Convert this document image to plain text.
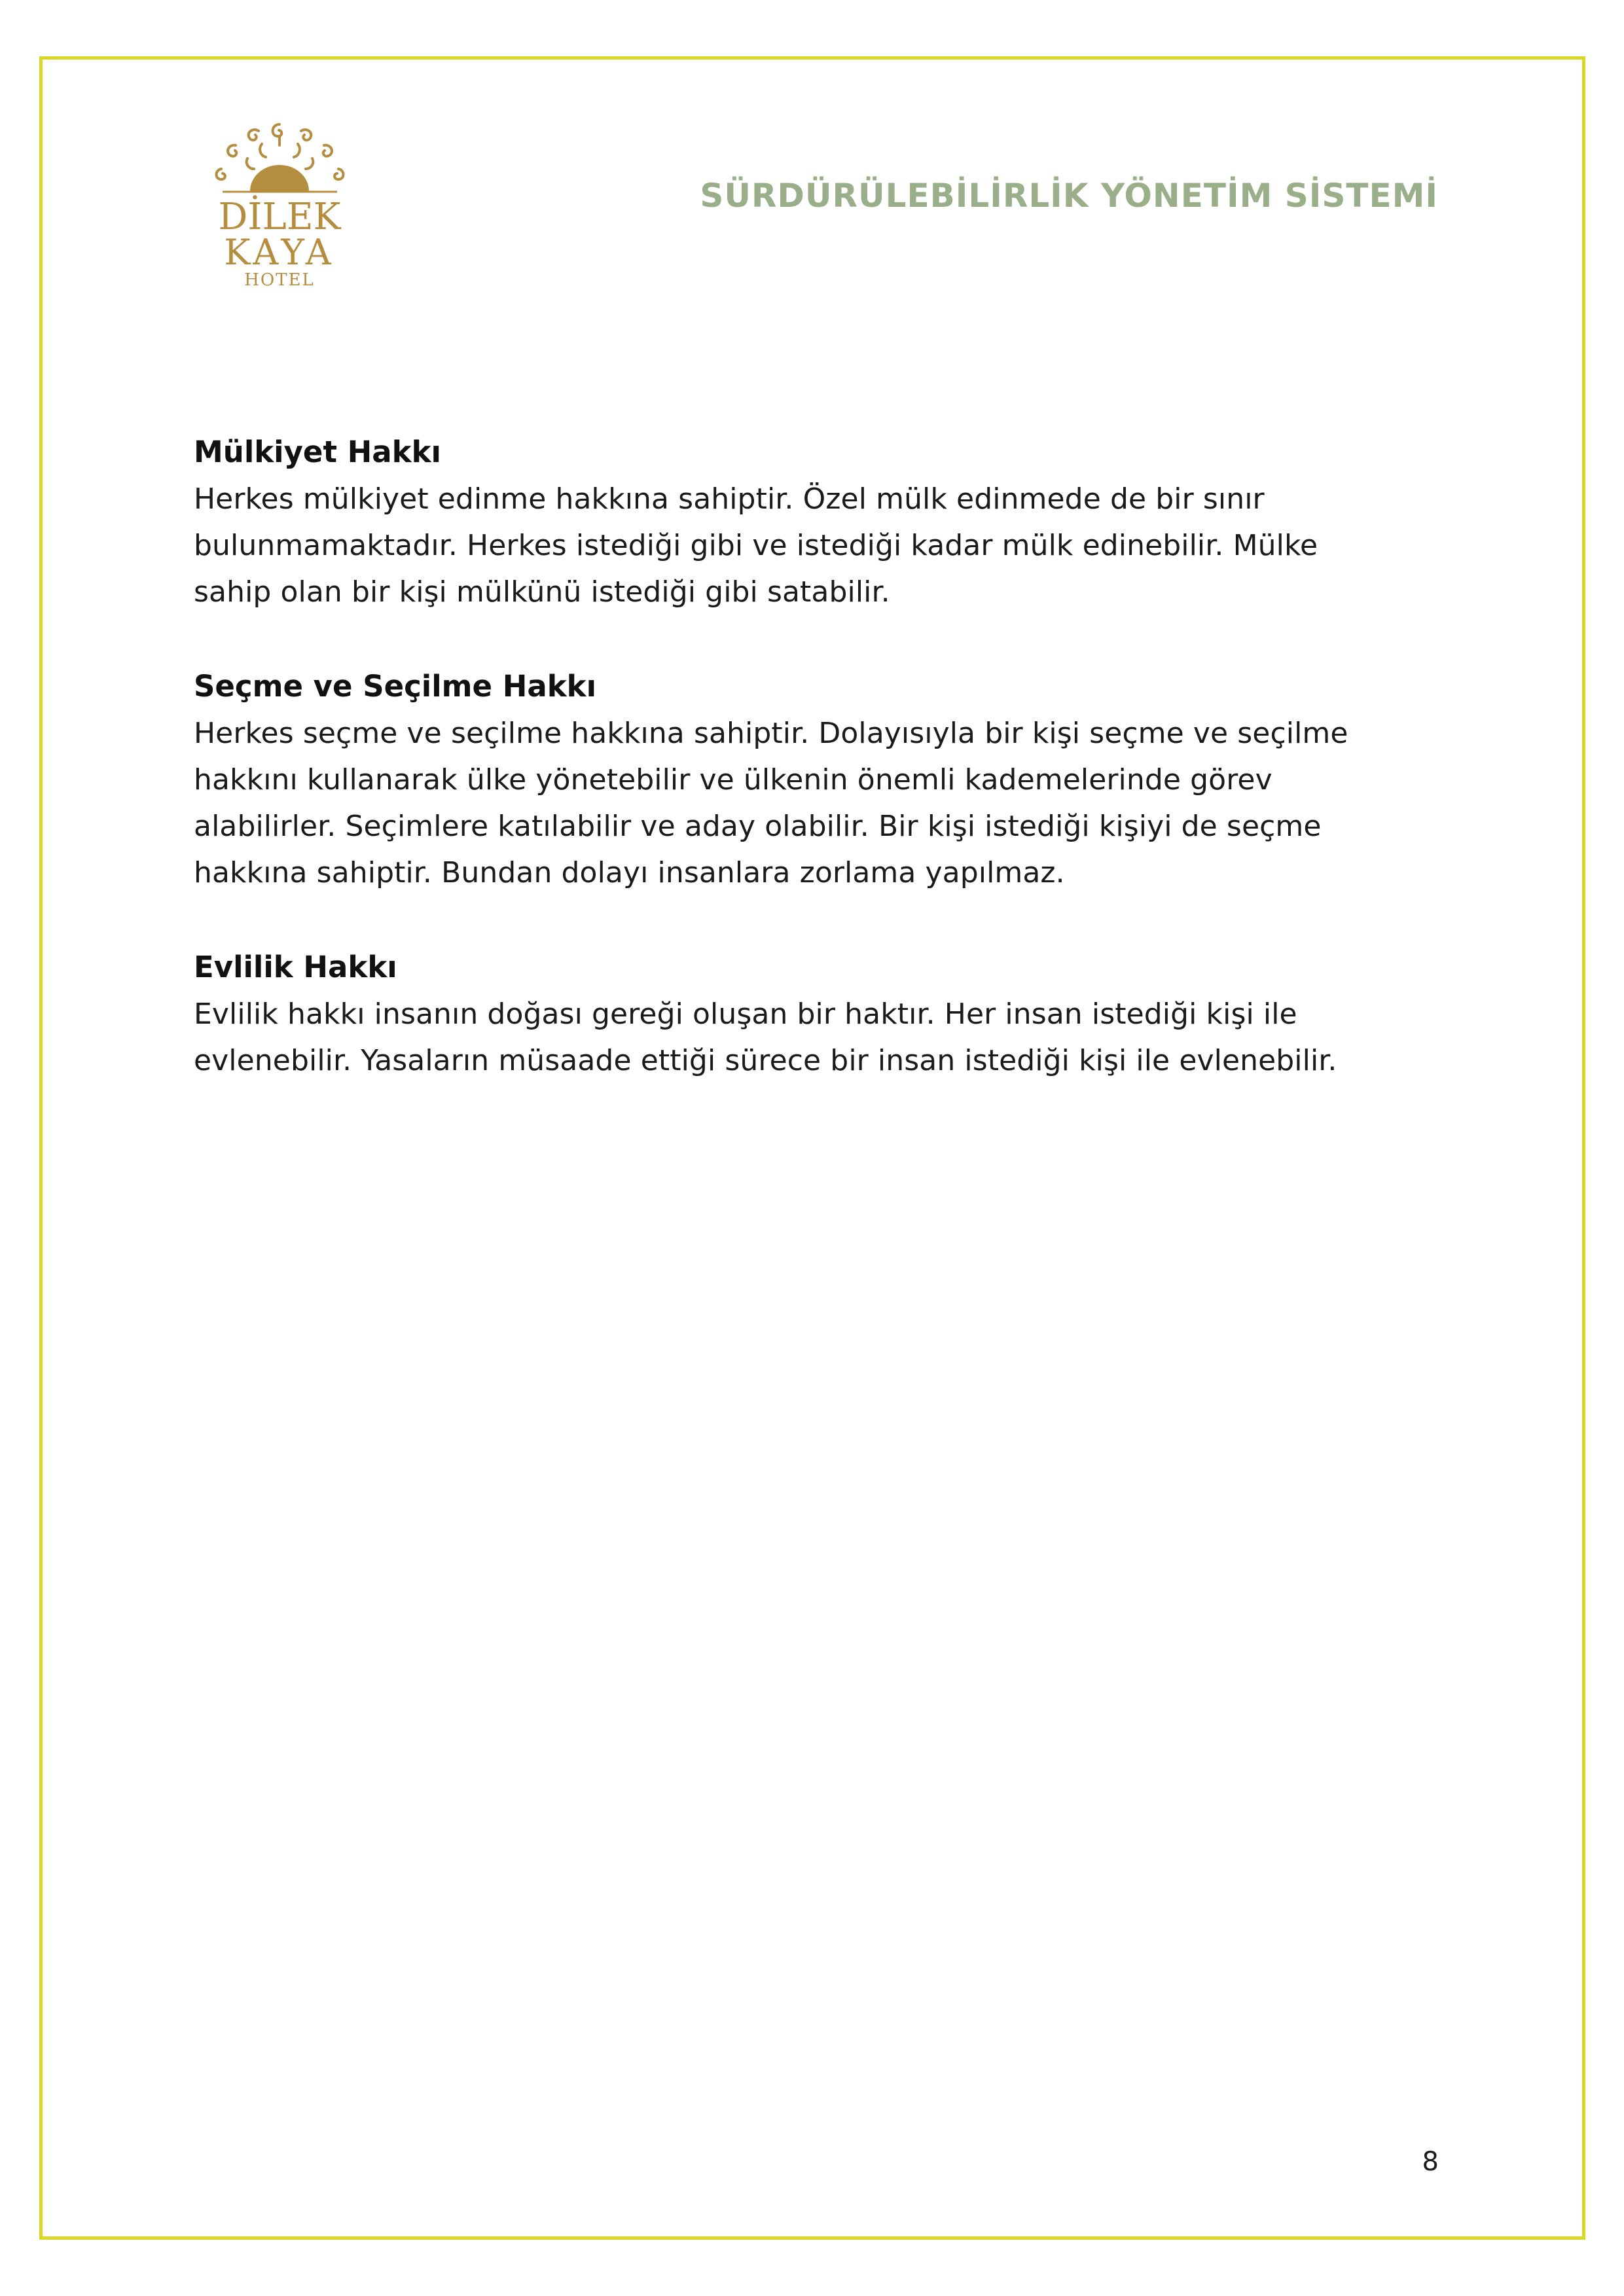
DİLEK
KAYA
HOTEL
SÜRDÜRÜLEBİLİRLİK YÖNETİM SİSTEMİ

Mülkiyet Hakkı

Herkes mülkiyet edinme hakkına sahiptir. Özel mülk edinmede de bir sınır

bulunmamaktadır. Herkes istediği gibi ve istediği kadar mülk edinebilir. Mülke

sahip olan bir kişi mülkünü istediği gibi satabilir.

Seçme ve Seçilme Hakkı

Herkes seçme ve seçilme hakkına sahiptir. Dolayısıyla bir kişi seçme ve seçilme

hakkını kullanarak ülke yönetebilir ve ülkenin önemli kademelerinde görev

alabilirler. Seçimlere katılabilir ve aday olabilir. Bir kişi istediği kişiyi de seçme

hakkına sahiptir. Bundan dolayı insanlara zorlama yapılmaz.

Evlilik Hakkı

Evlilik hakkı insanın doğası gereği oluşan bir haktır. Her insan istediği kişi ile

evlenebilir. Yasaların müsaade ettiği sürece bir insan istediği kişi ile evlenebilir.

8
